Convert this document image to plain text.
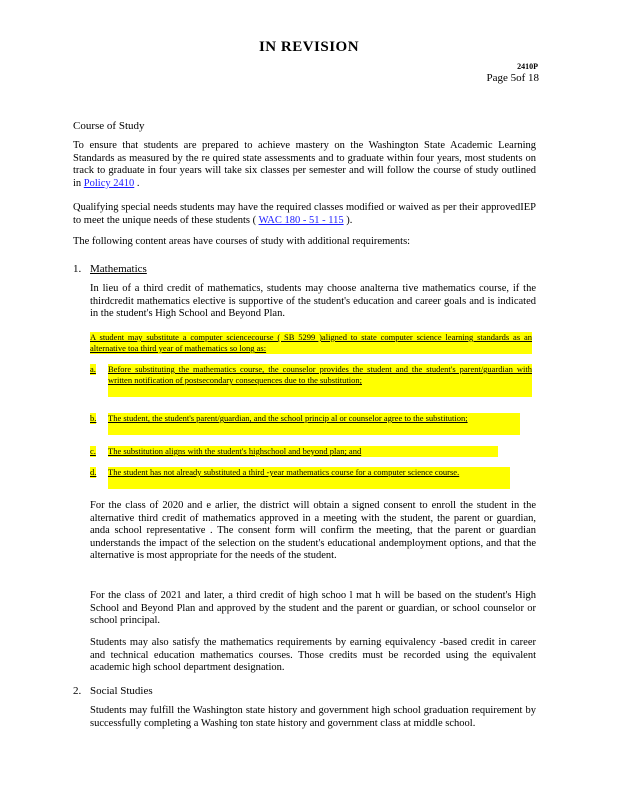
IN REVISION
2410P
Page 5of 18
Course of Study

To ensure that students are prepared to achieve mastery on the Washington State Academic Learning Standards as measured by the re quired state assessments and to graduate within four years, most students on track to graduate in four years will take six classes per semester and will follow the course of study outlined in Policy 2410 .

Qualifying special needs students may have the required classes modified or waived as per their approvedIEP to meet the unique needs of these students ( WAC 180 - 51 - 115 ).

The following content areas have courses of study with additional requirements:

1. Mathematics

In lieu of a third credit of mathematics, students may choose analterna tive mathematics course, if the thirdcredit mathematics elective is supportive of the student's education and career goals and is indicated in the student's High School and Beyond Plan.

A student may substitute a computer sciencecourse ( SB 5299 )aligned to state computer science learning standards as an alternative toa third year of mathematics so long as:
a. Before substituting the mathematics course, the counselor provides the student and the student's parent/guardian with written notification of postsecondary consequences due to the substitution;
b. The student, the student's parent/guardian, and the school princip al or counselor agree to the substitution;
c. The substitution aligns with the student's highschool and beyond plan; and
d. The student has not already substituted a third -year mathematics course for a computer science course.

For the class of 2020 and e arlier, the district will obtain a signed consent to enroll the student in the alternative third credit of mathematics approved in a meeting with the student, the parent or guardian, anda school representative . The consent form will confirm the meeting, that the parent or guardian understands the impact of the selection on the student's educational andemployment options, and that the alternative is most appropriate for the needs of the student.

For the class of 2021 and later, a third credit of high schoo l mat h will be based on the student's High School and Beyond Plan and approved by the student and the parent or guardian, or school counselor or school principal.

Students may also satisfy the mathematics requirements by earning equivalency -based credit in career and technical education mathematics courses. Those credits must be recorded using the equivalent academic high school department designation.

2. Social Studies

Students may fulfill the Washington state history and government high school graduation requirement by successfully completing a Washing ton state history and government class at middle school.
